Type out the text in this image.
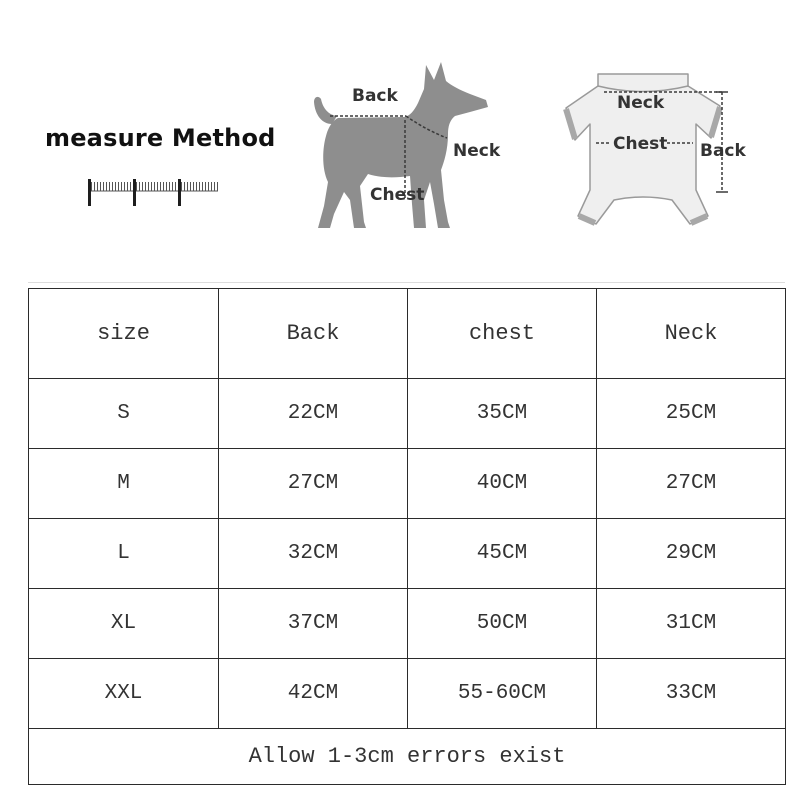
measure Method
Back
Neck
Chest
Neck
Chest Back
size	Back	chest	Neck
S	22CM	35CM	25CM
M	27CM	40CM	27CM
L	32CM	45CM	29CM
XL	37CM	50CM	31CM
XXL	42CM	55-60CM	33CM
Allow 1-3cm errors exist			
